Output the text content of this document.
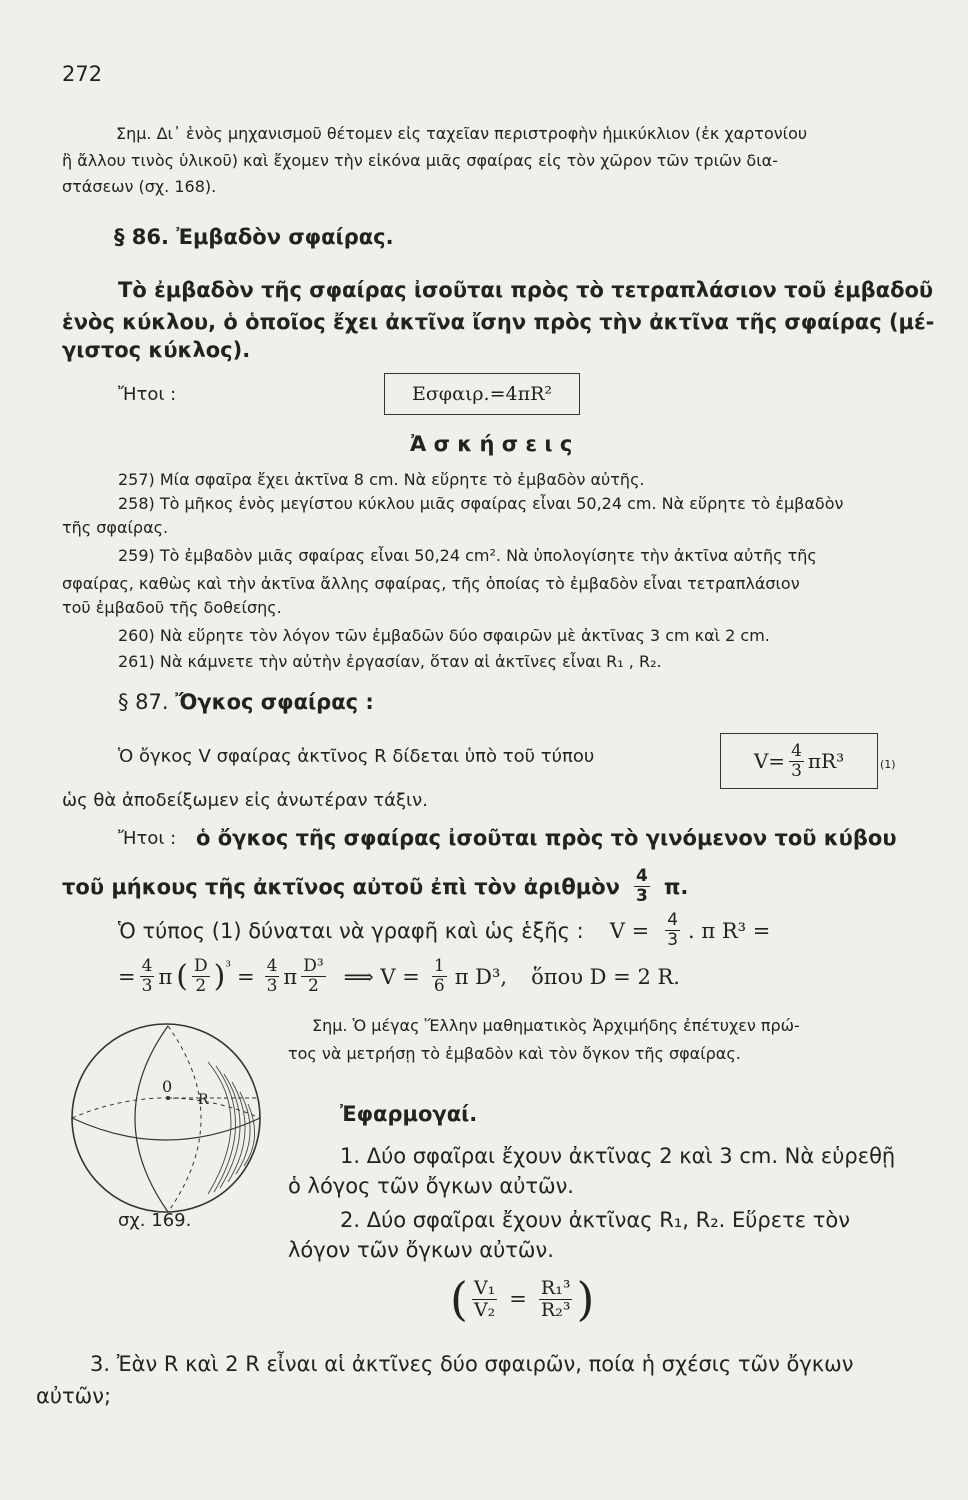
272
Σημ. Δι᾽ ἑνὸς μηχανισμοῦ θέτομεν εἰς ταχεῖαν περιστροφὴν ἡμικύκλιον (ἐκ χαρτονίου
ἢ ἄλλου τινὸς ὑλικοῦ) καὶ ἔχομεν τὴν εἰκόνα μιᾶς σφαίρας εἰς τὸν χῶρον τῶν τριῶν δια-
στάσεων (σχ. 168).
§ 86. Ἐμβαδὸν σφαίρας.
Τὸ ἐμβαδὸν τῆς σφαίρας ἰσοῦται πρὸς τὸ τετραπλάσιον τοῦ ἐμβαδοῦ
ἑνὸς κύκλου, ὁ ὁποῖος ἔχει ἀκτῖνα ἴσην πρὸς τὴν ἀκτῖνα τῆς σφαίρας (μέ-
γιστος κύκλος).
Ἤτοι :	Eσφαιρ. =4πR²
Ἀ σ κ ή σ ε ι ς
257) Μία σφαῖρα ἔχει ἀκτῖνα 8 cm. Νὰ εὕρητε τὸ ἐμβαδὸν αὐτῆς.
258) Τὸ μῆκος ἑνὸς μεγίστου κύκλου μιᾶς σφαίρας εἶναι 50,24 cm. Νὰ εὕρητε τὸ ἐμβαδὸν
τῆς σφαίρας.
259) Τὸ ἐμβαδὸν μιᾶς σφαίρας εἶναι 50,24 cm². Νὰ ὑπολογίσητε τὴν ἀκτῖνα αὐτῆς τῆς
σφαίρας, καθὼς καὶ τὴν ἀκτῖνα ἄλλης σφαίρας, τῆς ὁποίας τὸ ἐμβαδὸν εἶναι τετραπλάσιον
τοῦ ἐμβαδοῦ τῆς δοθείσης.
260) Νὰ εὕρητε τὸν λόγον τῶν ἐμβαδῶν δύο σφαιρῶν μὲ ἀκτῖνας 3 cm καὶ 2 cm.
261) Νὰ κάμνετε τὴν αὐτὴν ἐργασίαν, ὅταν αἱ ἀκτῖνες εἶναι R₁ , R₂.
§ 87. Ὄγκος σφαίρας :
Ὁ ὄγκος V σφαίρας ἀκτῖνος R δίδεται ὑπὸ τοῦ τύπου	$V= \frac{4}{3} \pi R^3$	(1)
ὡς θὰ ἀποδείξωμεν εἰς ἀνωτέραν τάξιν.
Ἤτοι : ὁ ὄγκος τῆς σφαίρας ἰσοῦται πρὸς τὸ γινόμενον τοῦ κύβου
τοῦ μήκους τῆς ἀκτῖνος αὐτοῦ ἐπὶ τὸν ἀριθμὸν $\frac{4}{3} \pi$.
Ὁ τύπος (1) δύναται νὰ γραφῆ καὶ ὡς ἑξῆς : $V = \frac{4}{3}$ . π R³ =
= $\frac{4}{3}$ π ( $\frac{D}{2}$ ) $^3 = \frac{4}{3}$ π $\frac{\text{D³}}{2}$ ⟹ $V = \frac{1}{6}$ π D³, ὅπου D = 2 R.
Σημ. Ὁ μέγας Ἕλλην μαθηματικὸς Ἀρχιμήδης ἐπέτυχεν πρώ-
τος νὰ μετρήσῃ τὸ ἐμβαδὸν καὶ τὸν ὄγκον τῆς σφαίρας.
0
R
σχ. 169.
Ἐφαρμογαί.
1. Δύο σφαῖραι ἔχουν ἀκτῖνας 2 καὶ 3 cm. Νὰ εὑρεθῇ
ὁ λόγος τῶν ὄγκων αὐτῶν.
2. Δύο σφαῖραι ἔχουν ἀκτῖνας R₁, R₂. Εὕρετε τὸν
λόγον τῶν ὄγκων αὐτῶν.
( $\frac{\text{V₁}}{\text{V₂}} = \frac{\text{R₁³}}{\text{R₂³}}$ )
3. Ἐὰν R καὶ 2 R εἶναι αἱ ἀκτῖνες δύο σφαιρῶν, ποία ἡ σχέσις τῶν ὄγκων
αὐτῶν;
